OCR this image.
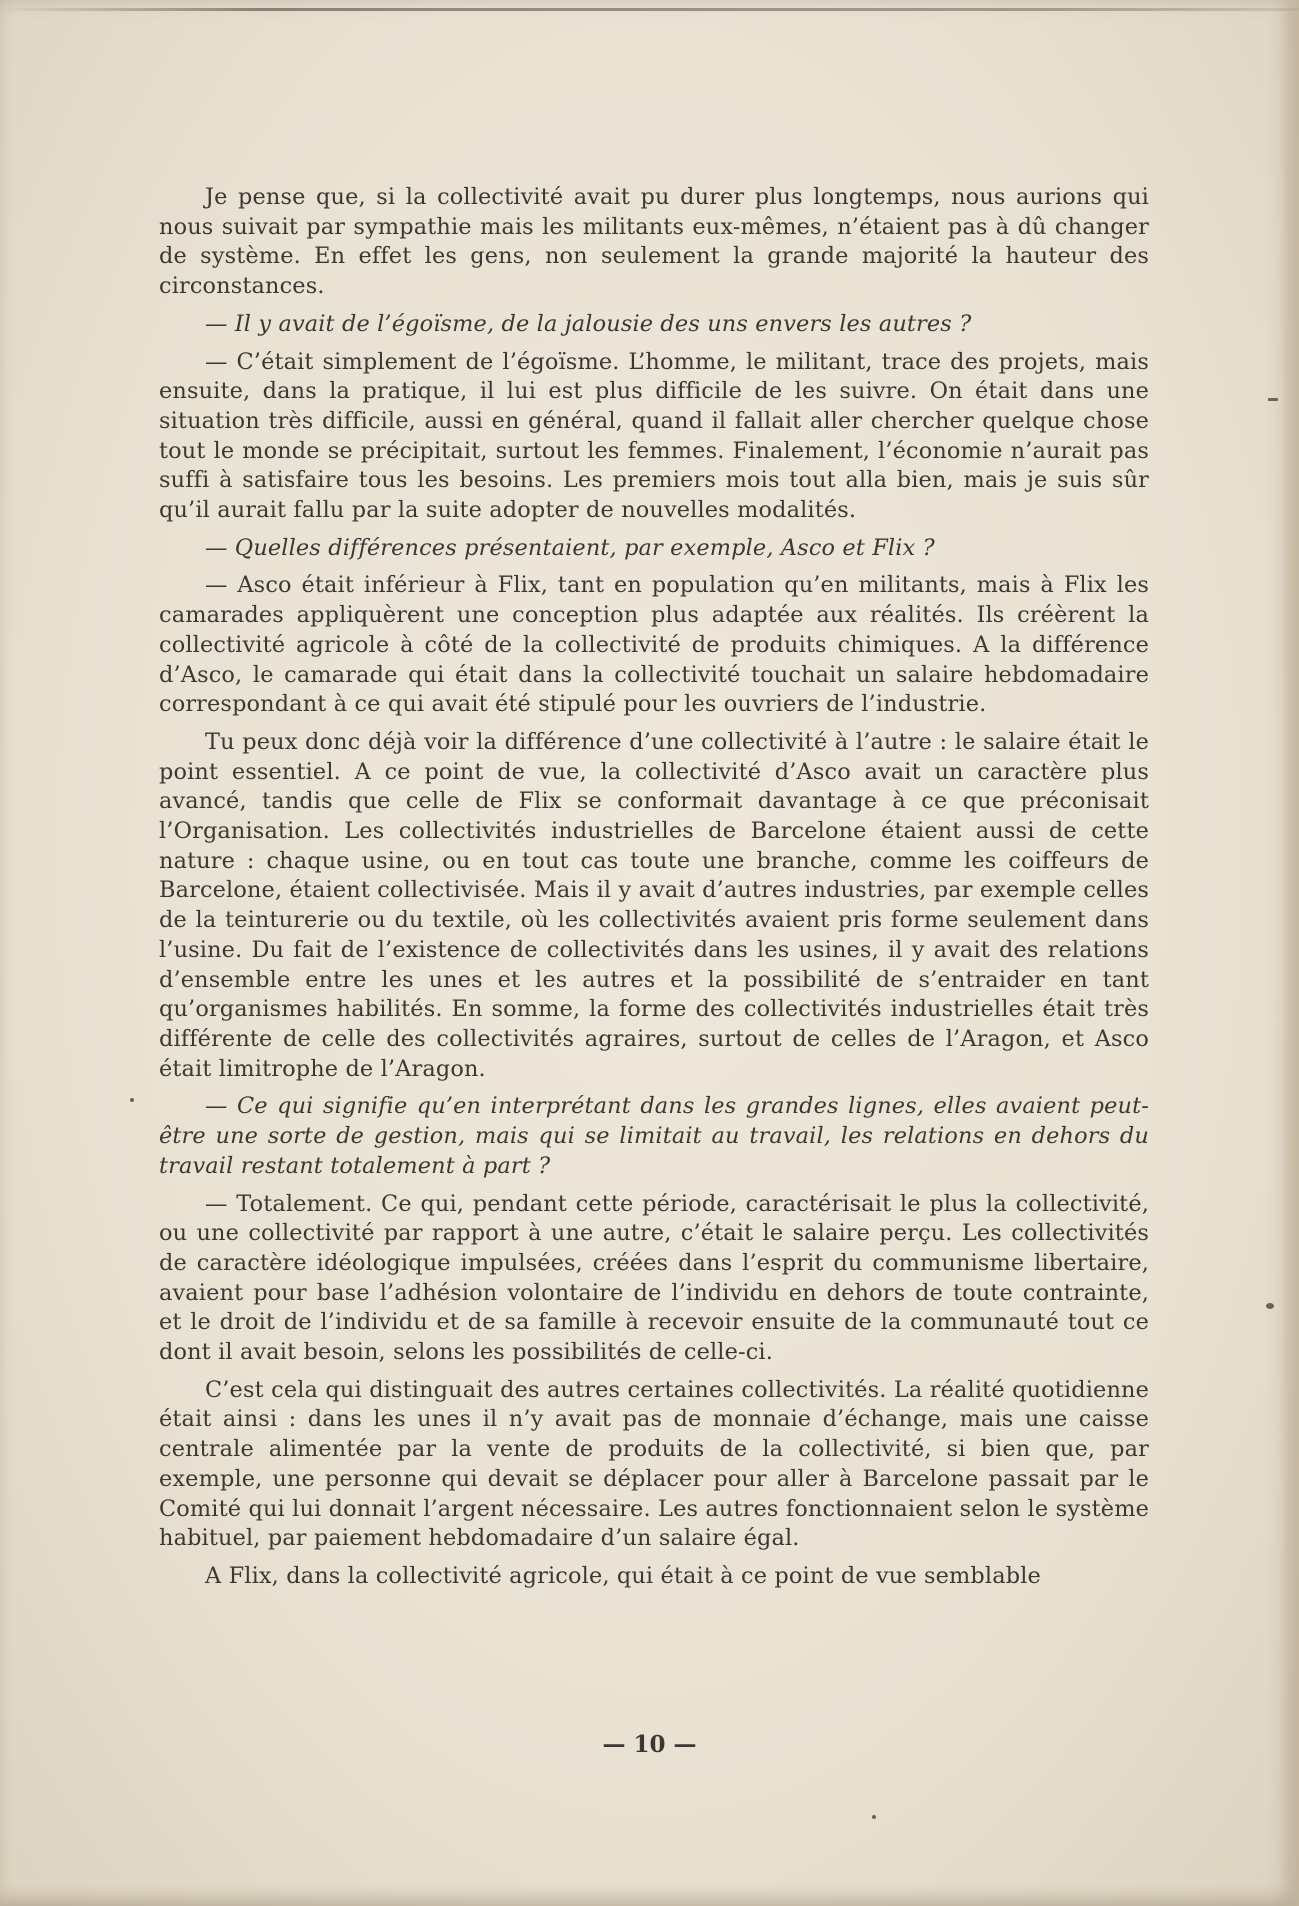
Je pense que, si la collectivité avait pu durer plus longtemps, nous aurions qui nous suivait par sympathie mais les militants eux-mêmes, n’étaient pas à dû changer de système. En effet les gens, non seulement la grande majorité la hauteur des circonstances.

— Il y avait de l’égoïsme, de la jalousie des uns envers les autres ?

— C’était simplement de l’égoïsme. L’homme, le militant, trace des projets, mais ensuite, dans la pratique, il lui est plus difficile de les suivre. On était dans une situation très difficile, aussi en général, quand il fallait aller chercher quelque chose tout le monde se précipitait, surtout les femmes. Finalement, l’économie n’aurait pas suffi à satisfaire tous les besoins. Les premiers mois tout alla bien, mais je suis sûr qu’il aurait fallu par la suite adopter de nouvelles modalités.

— Quelles différences présentaient, par exemple, Asco et Flix ?

— Asco était inférieur à Flix, tant en population qu’en militants, mais à Flix les camarades appliquèrent une conception plus adaptée aux réalités. Ils créèrent la collectivité agricole à côté de la collectivité de produits chimiques. A la différence d’Asco, le camarade qui était dans la collectivité touchait un salaire hebdomadaire correspondant à ce qui avait été stipulé pour les ouvriers de l’industrie.

Tu peux donc déjà voir la différence d’une collectivité à l’autre : le salaire était le point essentiel. A ce point de vue, la collectivité d’Asco avait un caractère plus avancé, tandis que celle de Flix se conformait davantage à ce que préconisait l’Organisation. Les collectivités industrielles de Barcelone étaient aussi de cette nature : chaque usine, ou en tout cas toute une branche, comme les coiffeurs de Barcelone, étaient collectivisée. Mais il y avait d’autres industries, par exemple celles de la teinturerie ou du textile, où les collectivités avaient pris forme seulement dans l’usine. Du fait de l’existence de collectivités dans les usines, il y avait des relations d’ensemble entre les unes et les autres et la possibilité de s’entraider en tant qu’organismes habilités. En somme, la forme des collectivités industrielles était très différente de celle des collectivités agraires, surtout de celles de l’Aragon, et Asco était limitrophe de l’Aragon.

— Ce qui signifie qu’en interprétant dans les grandes lignes, elles avaient peut-être une sorte de gestion, mais qui se limitait au travail, les relations en dehors du travail restant totalement à part ?

— Totalement. Ce qui, pendant cette période, caractérisait le plus la collectivité, ou une collectivité par rapport à une autre, c’était le salaire perçu. Les collectivités de caractère idéologique impulsées, créées dans l’esprit du communisme libertaire, avaient pour base l’adhésion volontaire de l’individu en dehors de toute contrainte, et le droit de l’individu et de sa famille à recevoir ensuite de la communauté tout ce dont il avait besoin, selons les possibilités de celle-ci.

C’est cela qui distinguait des autres certaines collectivités. La réalité quotidienne était ainsi : dans les unes il n’y avait pas de monnaie d’échange, mais une caisse centrale alimentée par la vente de produits de la collectivité, si bien que, par exemple, une personne qui devait se déplacer pour aller à Barcelone passait par le Comité qui lui donnait l’argent nécessaire. Les autres fonctionnaient selon le système habituel, par paiement hebdomadaire d’un salaire égal.

A Flix, dans la collectivité agricole, qui était à ce point de vue semblable

— 10 —
